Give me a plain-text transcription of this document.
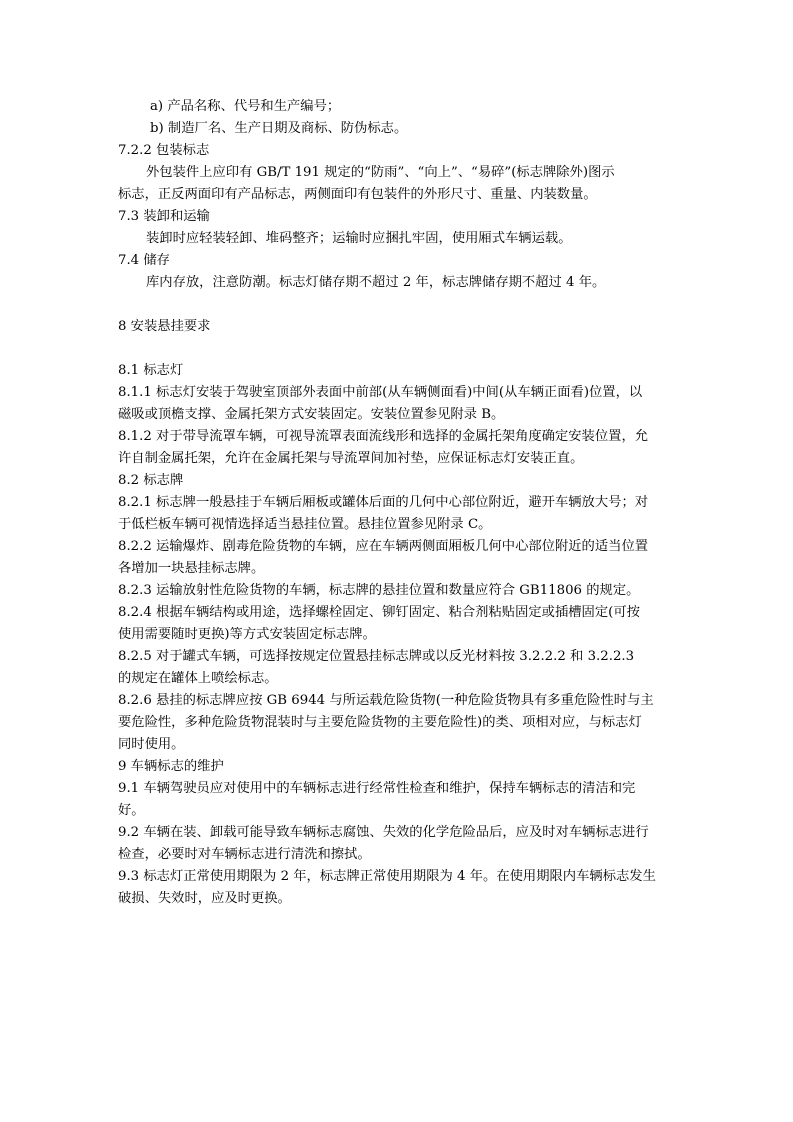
a) 产品名称、代号和生产编号；
b) 制造厂名、生产日期及商标、防伪标志。
7.2.2 包装标志
外包装件上应印有 GB/T 191 规定的“防雨”、“向上”、“易碎”(标志牌除外)图示
标志，正反两面印有产品标志，两侧面印有包装件的外形尺寸、重量、内装数量。
7.3 装卸和运输
装卸时应轻装轻卸、堆码整齐；运输时应捆扎牢固，使用厢式车辆运载。
7.4 储存
库内存放，注意防潮。标志灯储存期不超过 2 年，标志牌储存期不超过 4 年。
8 安装悬挂要求
8.1 标志灯
8.1.1 标志灯安装于驾驶室顶部外表面中前部(从车辆侧面看)中间(从车辆正面看)位置，以
磁吸或顶檐支撑、金属托架方式安装固定。安装位置参见附录 B。
8.1.2 对于带导流罩车辆，可视导流罩表面流线形和选择的金属托架角度确定安装位置，允
许自制金属托架，允许在金属托架与导流罩间加衬垫，应保证标志灯安装正直。
8.2 标志牌
8.2.1 标志牌一般悬挂于车辆后厢板或罐体后面的几何中心部位附近，避开车辆放大号；对
于低栏板车辆可视情选择适当悬挂位置。悬挂位置参见附录 C。
8.2.2 运输爆炸、剧毒危险货物的车辆，应在车辆两侧面厢板几何中心部位附近的适当位置
各增加一块悬挂标志牌。
8.2.3 运输放射性危险货物的车辆，标志牌的悬挂位置和数量应符合 GB11806 的规定。
8.2.4 根据车辆结构或用途，选择螺栓固定、铆钉固定、粘合剂粘贴固定或插槽固定(可按
使用需要随时更换)等方式安装固定标志牌。
8.2.5 对于罐式车辆，可选择按规定位置悬挂标志牌或以反光材料按 3.2.2.2 和 3.2.2.3
的规定在罐体上喷绘标志。
8.2.6 悬挂的标志牌应按 GB 6944 与所运载危险货物(一种危险货物具有多重危险性时与主
要危险性，多种危险货物混装时与主要危险货物的主要危险性)的类、项相对应，与标志灯
同时使用。
9 车辆标志的维护
9.1 车辆驾驶员应对使用中的车辆标志进行经常性检查和维护，保持车辆标志的清洁和完
好。
9.2 车辆在装、卸载可能导致车辆标志腐蚀、失效的化学危险品后，应及时对车辆标志进行
检查，必要时对车辆标志进行清洗和擦拭。
9.3 标志灯正常使用期限为 2 年，标志牌正常使用期限为 4 年。在使用期限内车辆标志发生
破损、失效时，应及时更换。
